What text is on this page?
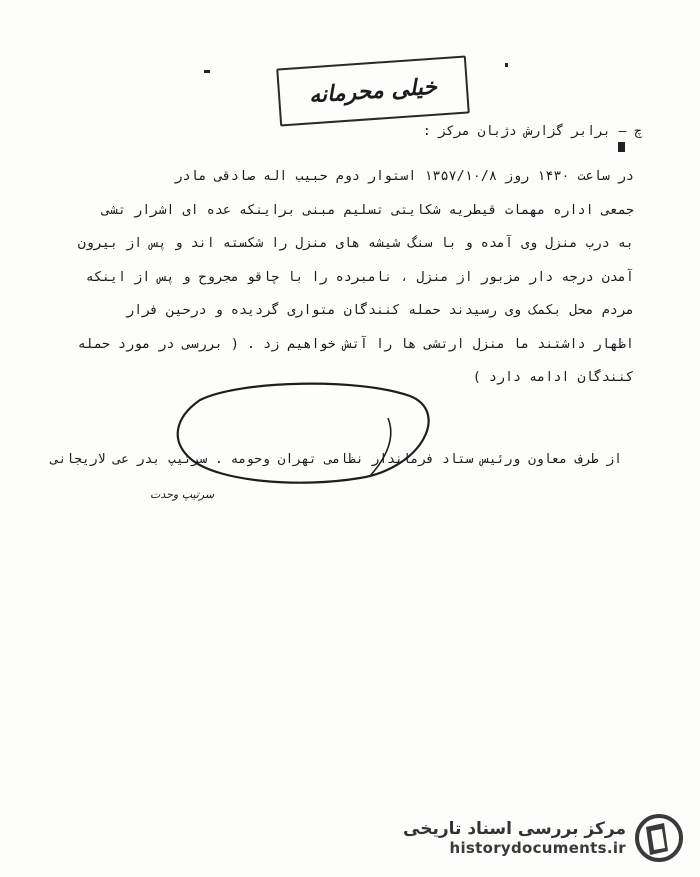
خیلی محرمانه
چ – برابر گزارش دژبان مرکز :
در ساعت ۱۴۳۰ روز ۱۳۵۷/۱۰/۸ استوار دوم حبیب اله صادقی مادر
جمعی اداره مهمات قیطریه شکایتی تسلیم مبنی براینکه عده ای اشرار تشی
به درب منزل وی آمده و با سنگ شیشه های منزل را شکسته اند و پس از بیرون
آمدن درجه دار مزبور از منزل ، نامبرده را با چاقو مجروح و پس از اینکه
مردم محل بکمک وی رسیدند حمله کنندگان متواری گردیده و درحین فرار
اظهار داشتند ما منزل ارتشی ها را آتش خواهیم زد . ( بررسی در مورد حمله
کنندگان ادامه دارد )
از طرف معاون ورئیس ستاد فرماندار نظامی تهران وحومه . سرتیپ بدر عی لاریجانی
سرتیپ وحدت
مرکز بررسی اسناد تاریخی
historydocuments.ir
